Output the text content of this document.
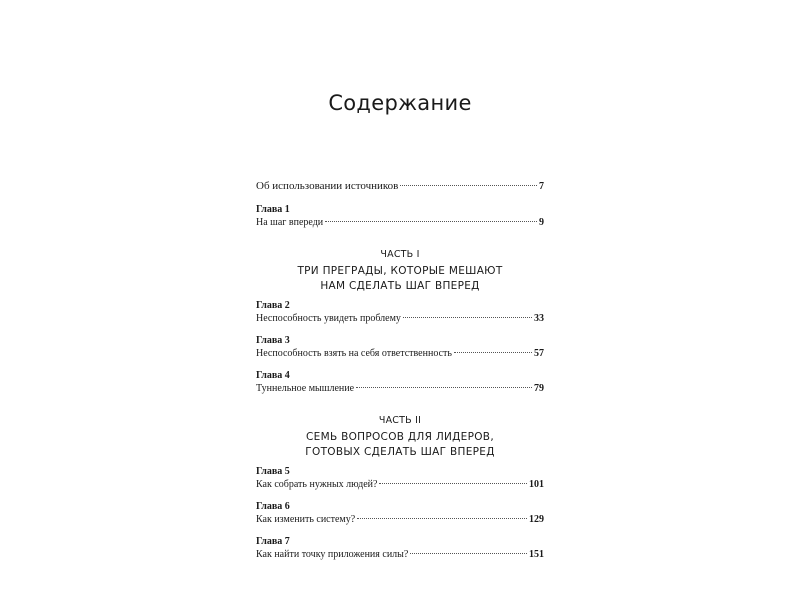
Содержание
Об использовании источников	7
Глава 1
На шаг впереди	9
ЧАСТЬ I
ТРИ ПРЕГРАДЫ, КОТОРЫЕ МЕШАЮТ
НАМ СДЕЛАТЬ ШАГ ВПЕРЕД
Глава 2
Неспособность увидеть проблему	33
Глава 3
Неспособность взять на себя ответственность	57
Глава 4
Туннельное мышление	79
ЧАСТЬ II
СЕМЬ ВОПРОСОВ ДЛЯ ЛИДЕРОВ,
ГОТОВЫХ СДЕЛАТЬ ШАГ ВПЕРЕД
Глава 5
Как собрать нужных людей?	101
Глава 6
Как изменить систему?	129
Глава 7
Как найти точку приложения силы?	151
